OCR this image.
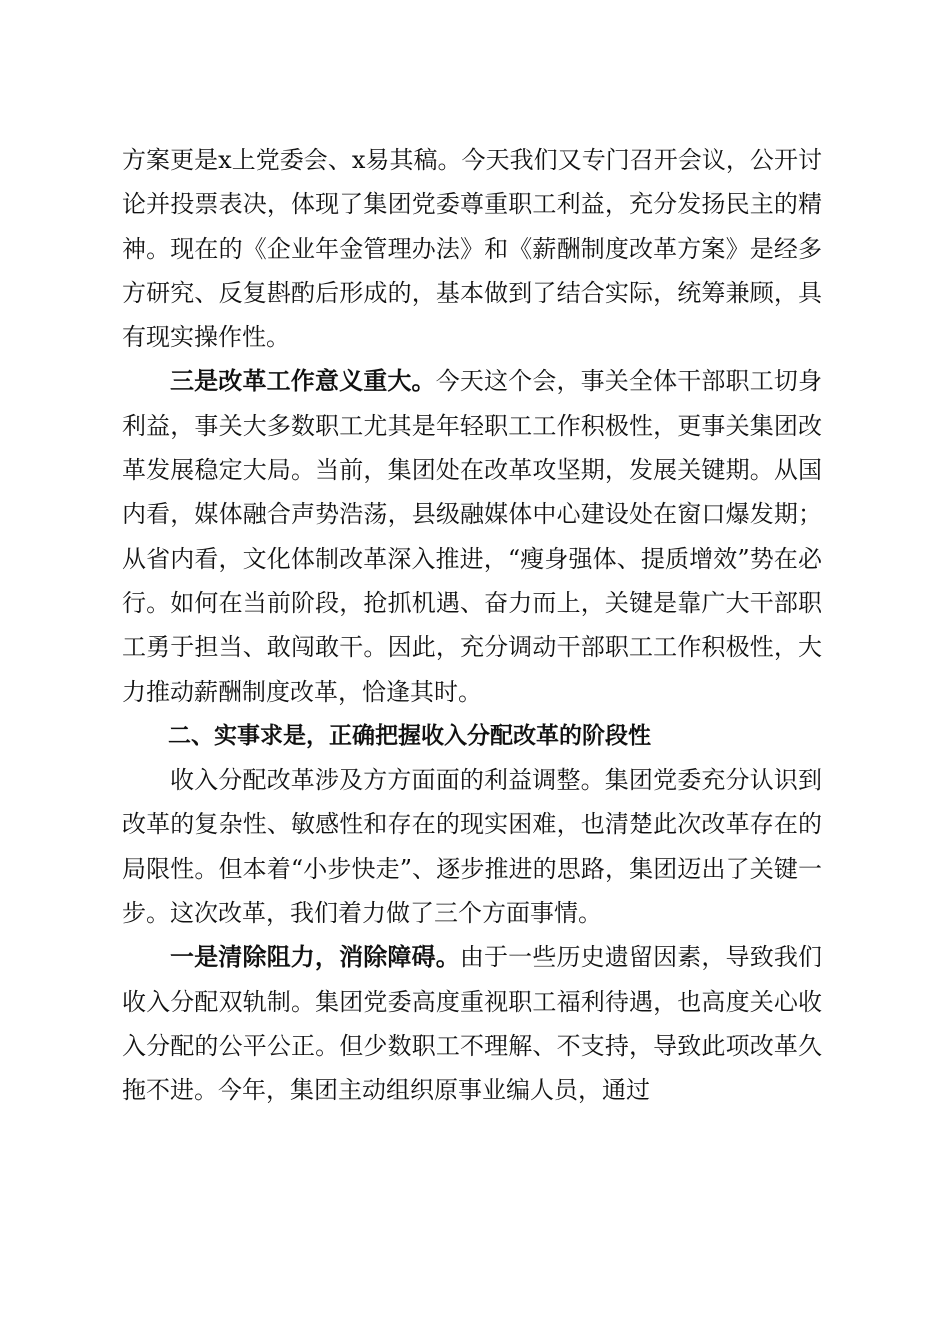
方案更是x上党委会、x易其稿。今天我们又专门召开会议，公开讨论并投票表决，体现了集团党委尊重职工利益，充分发扬民主的精神。现在的《企业年金管理办法》和《薪酬制度改革方案》是经多方研究、反复斟酌后形成的，基本做到了结合实际，统筹兼顾，具有现实操作性。

三是改革工作意义重大。今天这个会，事关全体干部职工切身利益，事关大多数职工尤其是年轻职工工作积极性，更事关集团改革发展稳定大局。当前，集团处在改革攻坚期，发展关键期。从国内看，媒体融合声势浩荡，县级融媒体中心建设处在窗口爆发期；从省内看，文化体制改革深入推进，“瘦身强体、提质增效”势在必行。如何在当前阶段，抢抓机遇、奋力而上，关键是靠广大干部职工勇于担当、敢闯敢干。因此，充分调动干部职工工作积极性，大力推动薪酬制度改革，恰逢其时。

二、实事求是，正确把握收入分配改革的阶段性

收入分配改革涉及方方面面的利益调整。集团党委充分认识到改革的复杂性、敏感性和存在的现实困难，也清楚此次改革存在的局限性。但本着“小步快走”、逐步推进的思路，集团迈出了关键一步。这次改革，我们着力做了三个方面事情。

一是清除阻力，消除障碍。由于一些历史遗留因素，导致我们收入分配双轨制。集团党委高度重视职工福利待遇，也高度关心收入分配的公平公正。但少数职工不理解、不支持，导致此项改革久拖不进。今年，集团主动组织原事业编人员，通过
